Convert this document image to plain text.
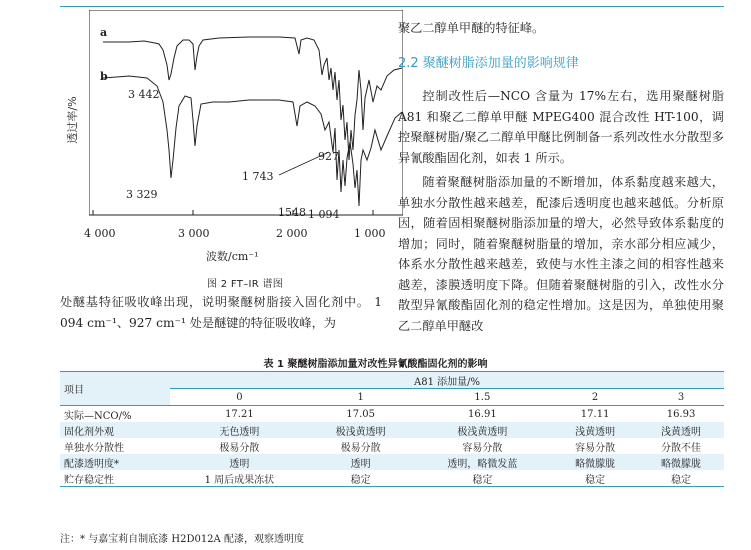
透过率/%
a
b
3 442
3 329
1 743
927
1548 1 094
4 000	3 000	2 000	1 000
波数/cm⁻¹
图 2 FT–IR 谱图
处醚基特征吸收峰出现，说明聚醚树脂接入固化剂中。 1 094 cm⁻¹、927 cm⁻¹ 处是醚键的特征吸收峰，为
聚乙二醇单甲醚的特征峰。
2.2 聚醚树脂添加量的影响规律
控制改性后—NCO 含量为 17%左右，选用聚醚树脂 A81 和聚乙二醇单甲醚 MPEG400 混合改性 HT-100，调控聚醚树脂/聚乙二醇单甲醚比例制备一系列改性水分散型多异氰酸酯固化剂，如表 1 所示。
随着聚醚树脂添加量的不断增加，体系黏度越来越大，单独水分散性越来越差，配漆后透明度也越来越低。分析原因，随着固相聚醚树脂添加量的增大，必然导致体系黏度的增加；同时，随着聚醚树脂量的增加，亲水部分相应减少，体系水分散性越来越差，致使与水性主漆之间的相容性越来越差，漆膜透明度下降。但随着聚醚树脂的引入，改性水分散型异氰酸酯固化剂的稳定性增加。这是因为，单独使用聚乙二醇单甲醚改
表 1 聚醚树脂添加量对改性异氰酸酯固化剂的影响
项目	A81 添加量/%				
	0	1	1.5	2	3
实际—NCO/%	17.21	17.05	16.91	17.11	16.93
固化剂外观	无色透明	极浅黄透明	极浅黄透明	浅黄透明	浅黄透明
单独水分散性	极易分散	极易分散	容易分散	容易分散	分散不佳
配漆透明度*	透明	透明	透明，略微发蓝	略微朦胧	略微朦胧
贮存稳定性	1 周后成果冻状	稳定	稳定	稳定	稳定
注：* 与嘉宝莉自制底漆 H2D012A 配漆，观察透明度
